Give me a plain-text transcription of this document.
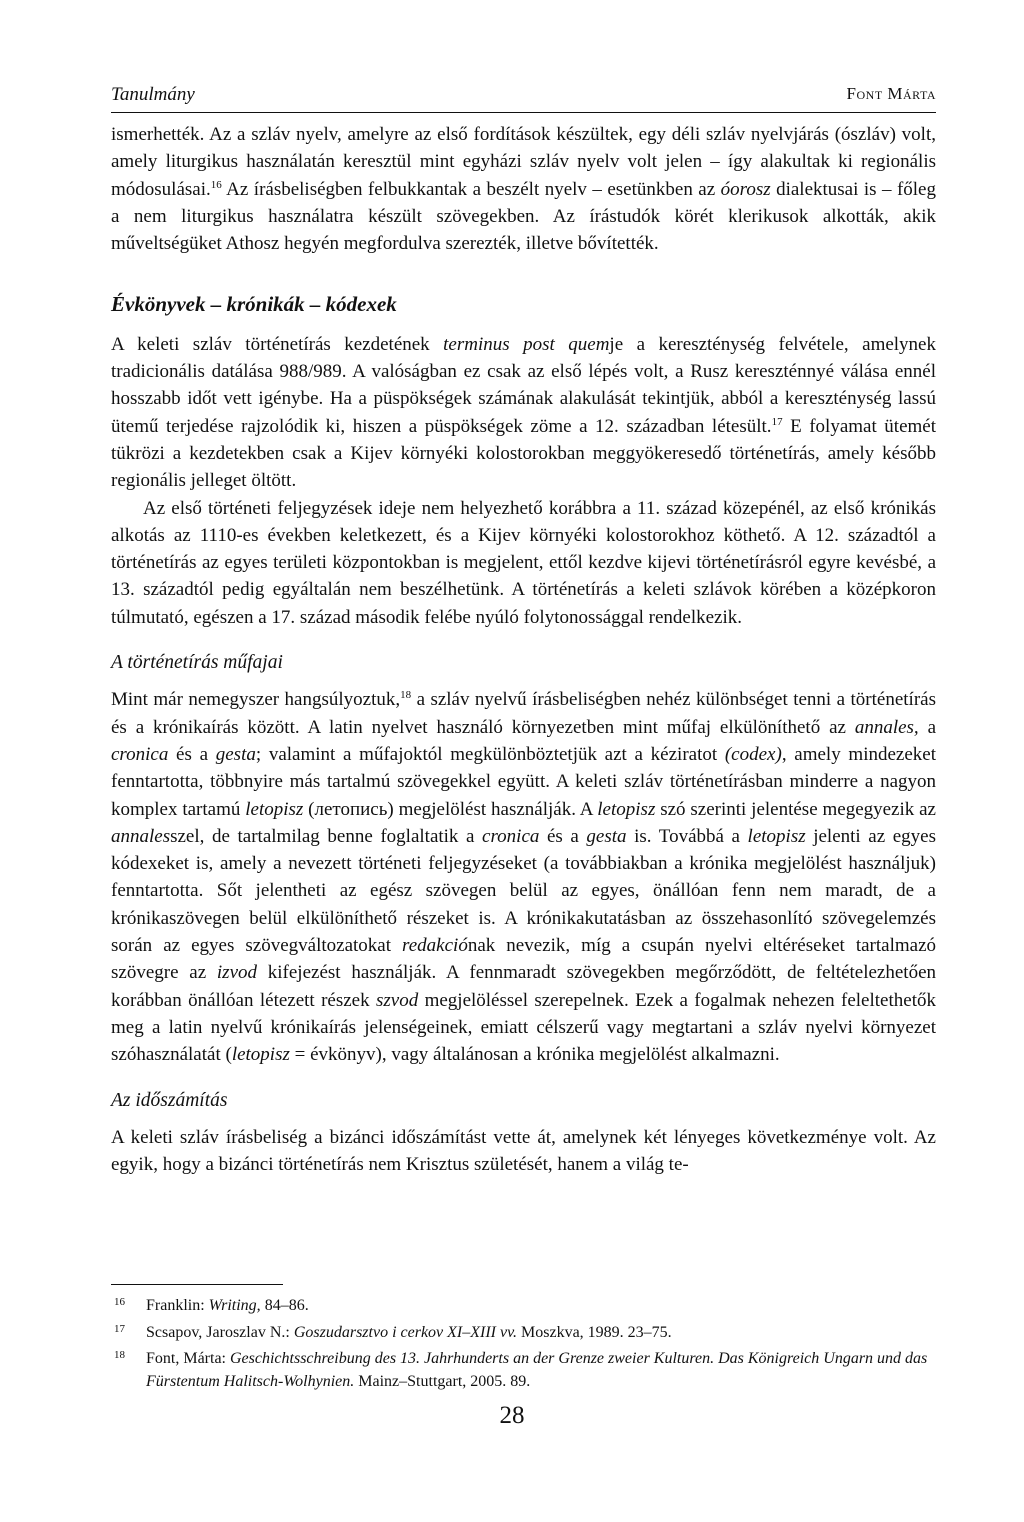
Tanulmány	Font Márta

ismerhették. Az a szláv nyelv, amelyre az első fordítások készültek, egy déli szláv nyelvjárás (ószláv) volt, amely liturgikus használatán keresztül mint egyházi szláv nyelv volt jelen – így alakultak ki regionális módosulásai.$^{16}$ Az írásbeliségben felbukkantak a beszélt nyelv – esetünkben az óorosz dialektusai is – főleg a nem liturgikus használatra készült szövegekben. Az írástudók körét klerikusok alkották, akik műveltségüket Athosz hegyén megfordulva szerezték, illetve bővítették.

Évkönyvek – krónikák – kódexek

A keleti szláv történetírás kezdetének terminus post quemje a kereszténység felvétele, amelynek tradicionális datálása 988/989. A valóságban ez csak az első lépés volt, a Rusz kereszténnyé válása ennél hosszabb időt vett igénybe. Ha a püspökségek számának alakulását tekintjük, abból a kereszténység lassú ütemű terjedése rajzolódik ki, hiszen a püspökségek zöme a 12. században létesült.$^{17}$ E folyamat ütemét tükrözi a kezdetekben csak a Kijev környéki kolostorokban meggyökeresedő történetírás, amely később regionális jelleget öltött.

Az első történeti feljegyzések ideje nem helyezhető korábbra a 11. század közepénél, az első krónikás alkotás az 1110-es években keletkezett, és a Kijev környéki kolostorokhoz köthető. A 12. századtól a történetírás az egyes területi központokban is megjelent, ettől kezdve kijevi történetírásról egyre kevésbé, a 13. századtól pedig egyáltalán nem beszélhetünk. A történetírás a keleti szlávok körében a középkoron túlmutató, egészen a 17. század második felébe nyúló folytonossággal rendelkezik.

A történetírás műfajai

Mint már nemegyszer hangsúlyoztuk,$^{18}$ a szláv nyelvű írásbeliségben nehéz különbséget tenni a történetírás és a krónikaírás között. A latin nyelvet használó környezetben mint műfaj elkülöníthető az annales, a cronica és a gesta; valamint a műfajoktól megkülönböztetjük azt a kéziratot (codex), amely mindezeket fenntartotta, többnyire más tartalmú szövegekkel együtt. A keleti szláv történetírásban minderre a nagyon komplex tartamú letopisz (летопись) megjelölést használják. A letopisz szó szerinti jelentése megegyezik az annalesszel, de tartalmilag benne foglaltatik a cronica és a gesta is. Továbbá a letopisz jelenti az egyes kódexeket is, amely a nevezett történeti feljegyzéseket (a továbbiakban a krónika megjelölést használjuk) fenntartotta. Sőt jelentheti az egész szövegen belül az egyes, önállóan fenn nem maradt, de a krónikaszövegen belül elkülöníthető részeket is. A krónikakutatásban az összehasonlító szövegelemzés során az egyes szövegváltozatokat redakciónak nevezik, míg a csupán nyelvi eltéréseket tartalmazó szövegre az izvod kifejezést használják. A fennmaradt szövegekben megőrződött, de feltételezhetően korábban önállóan létezett részek szvod megjelöléssel szerepelnek. Ezek a fogalmak nehezen feleltethetők meg a latin nyelvű krónikaírás jelenségeinek, emiatt célszerű vagy megtartani a szláv nyelvi környezet szóhasználatát (letopisz = évkönyv), vagy általánosan a krónika megjelölést alkalmazni.

Az időszámítás

A keleti szláv írásbeliség a bizánci időszámítást vette át, amelynek két lényeges következménye volt. Az egyik, hogy a bizánci történetírás nem Krisztus születését, hanem a világ te-

16	Franklin: Writing, 84–86.
17	Scsapov, Jaroszlav N.: Goszudarsztvo i cerkov XI–XIII vv. Moszkva, 1989. 23–75.
18	Font, Márta: Geschichtsschreibung des 13. Jahrhunderts an der Grenze zweier Kulturen. Das Königreich Ungarn und das Fürstentum Halitsch-Wolhynien. Mainz–Stuttgart, 2005. 89.
28
